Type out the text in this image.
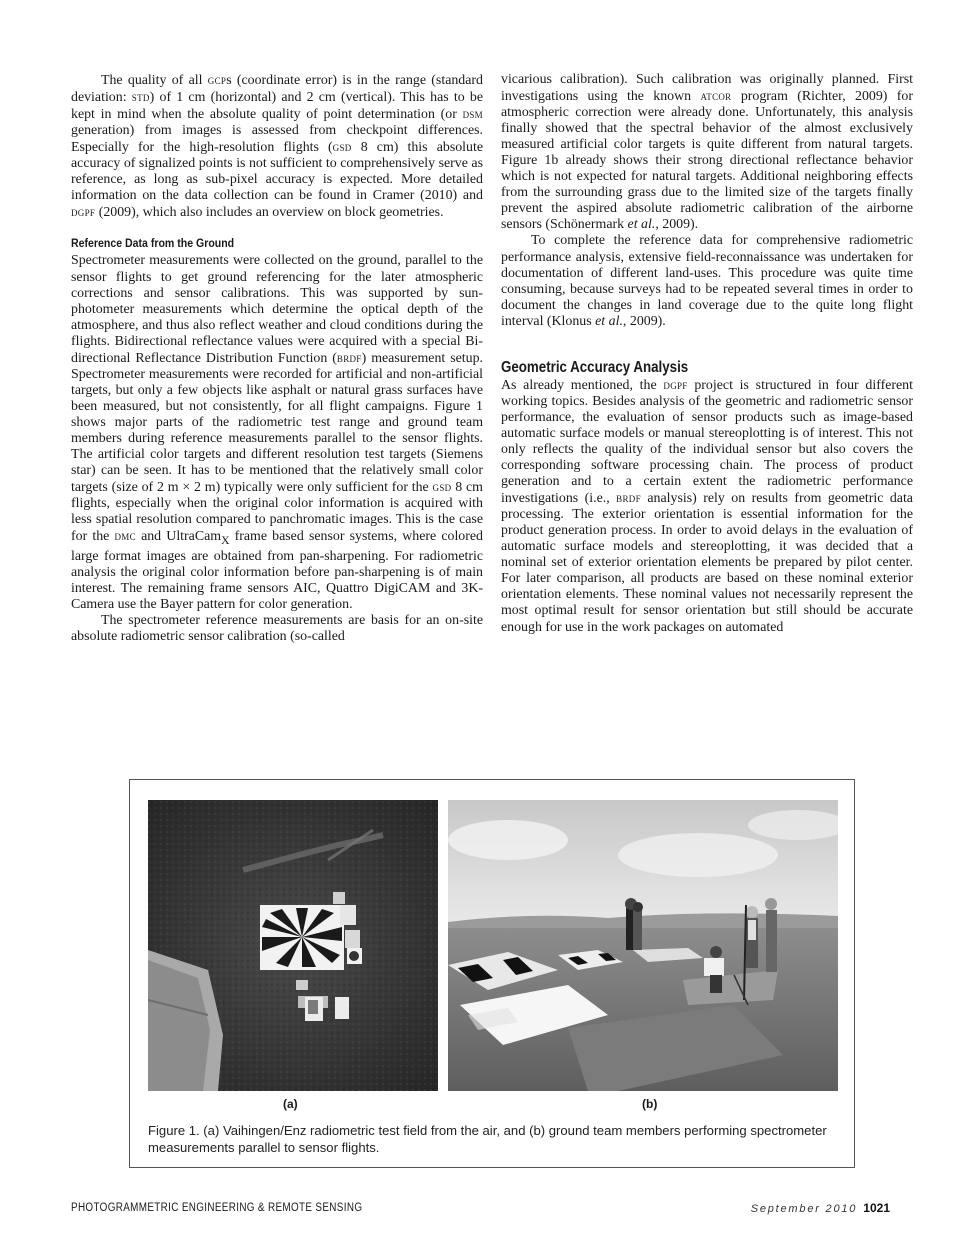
The quality of all gcps (coordinate error) is in the range (standard deviation: std) of 1 cm (horizontal) and 2 cm (vertical). This has to be kept in mind when the absolute quality of point determination (or dsm generation) from images is assessed from checkpoint differences. Especially for the high-resolution flights (gsd 8 cm) this absolute accuracy of signalized points is not sufficient to comprehensively serve as reference, as long as sub-pixel accuracy is expected. More detailed information on the data collection can be found in Cramer (2010) and dgpf (2009), which also includes an overview on block geometries.

Reference Data from the Ground

Spectrometer measurements were collected on the ground, parallel to the sensor flights to get ground referencing for the later atmospheric corrections and sensor calibrations. This was supported by sun-photometer measurements which determine the optical depth of the atmosphere, and thus also reflect weather and cloud conditions during the flights. Bidirectional reflectance values were acquired with a special Bi-directional Reflectance Distribution Function (brdf) measurement setup. Spectrometer measurements were recorded for artificial and non-artificial targets, but only a few objects like asphalt or natural grass surfaces have been measured, but not consistently, for all flight campaigns. Figure 1 shows major parts of the radiometric test range and ground team members during reference measurements parallel to the sensor flights. The artificial color targets and different resolution test targets (Siemens star) can be seen. It has to be mentioned that the relatively small color targets (size of 2 m × 2 m) typically were only sufficient for the gsd 8 cm flights, especially when the original color information is acquired with less spatial resolution compared to panchromatic images. This is the case for the dmc and UltraCam$_X$ frame based sensor systems, where colored large format images are obtained from pan-sharpening. For radiometric analysis the original color information before pan-sharpening is of main interest. The remaining frame sensors AIC, Quattro DigiCAM and 3K-Camera use the Bayer pattern for color generation.

The spectrometer reference measurements are basis for an on-site absolute radiometric sensor calibration (so-called

vicarious calibration). Such calibration was originally planned. First investigations using the known atcor program (Richter, 2009) for atmospheric correction were already done. Unfortunately, this analysis finally showed that the spectral behavior of the almost exclusively measured artificial color targets is quite different from natural targets. Figure 1b already shows their strong directional reflectance behavior which is not expected for natural targets. Additional neighboring effects from the surrounding grass due to the limited size of the targets finally prevent the aspired absolute radiometric calibration of the airborne sensors (Schönermark et al., 2009).

To complete the reference data for comprehensive radiometric performance analysis, extensive field-reconnaissance was undertaken for documentation of different land-uses. This procedure was quite time consuming, because surveys had to be repeated several times in order to document the changes in land coverage due to the quite long flight interval (Klonus et al., 2009).

Geometric Accuracy Analysis

As already mentioned, the dgpf project is structured in four different working topics. Besides analysis of the geometric and radiometric sensor performance, the evaluation of sensor products such as image-based automatic surface models or manual stereoplotting is of interest. This not only reflects the quality of the individual sensor but also covers the corresponding software processing chain. The process of product generation and to a certain extent the radiometric performance investigations (i.e., brdf analysis) rely on results from geometric data processing. The exterior orientation is essential information for the product generation process. In order to avoid delays in the evaluation of automatic surface models and stereoplotting, it was decided that a nominal set of exterior orientation elements be prepared by pilot center. For later comparison, all products are based on these nominal exterior orientation elements. These nominal values not necessarily represent the most optimal result for sensor orientation but still should be accurate enough for use in the work packages on automated

(a)	(b)
Figure 1. (a) Vaihingen/Enz radiometric test field from the air, and (b) ground team members performing spectrometer measurements parallel to sensor flights.
PHOTOGRAMMETRIC ENGINEERING & REMOTE SENSING	September 2010 1021
